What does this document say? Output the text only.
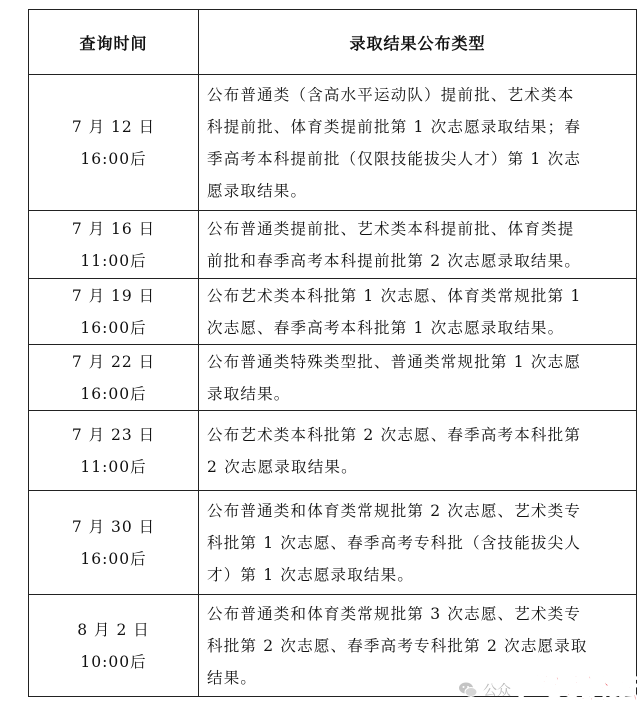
查询时间	录取结果公布类型

7 月 12 日
16:00后	公布普通类（含高水平运动队）提前批、艺术类本
科提前批、体育类提前批第 1 次志愿录取结果；春
季高考本科提前批（仅限技能拔尖人才）第 1 次志
愿录取结果。

7 月 16 日
11:00后	公布普通类提前批、艺术类本科提前批、体育类提
前批和春季高考本科提前批第 2 次志愿录取结果。

7 月 19 日
16:00后	公布艺术类本科批第 1 次志愿、体育类常规批第 1
次志愿、春季高考本科批第 1 次志愿录取结果。

7 月 22 日
16:00后	公布普通类特殊类型批、普通类常规批第 1 次志愿
录取结果。

7 月 23 日
11:00后	公布艺术类本科批第 2 次志愿、春季高考本科批第
2 次志愿录取结果。

7 月 30 日
16:00后	公布普通类和体育类常规批第 2 次志愿、艺术类专
科批第 1 次志愿、春季高考专科批（含技能拔尖人
才）第 1 次志愿录取结果。

8 月 2 日
10:00后	公布普通类和体育类常规批第 3 次志愿、艺术类专
科批第 2 次志愿、春季高考专科批第 2 次志愿录取
结果。
公众 声远论坛
